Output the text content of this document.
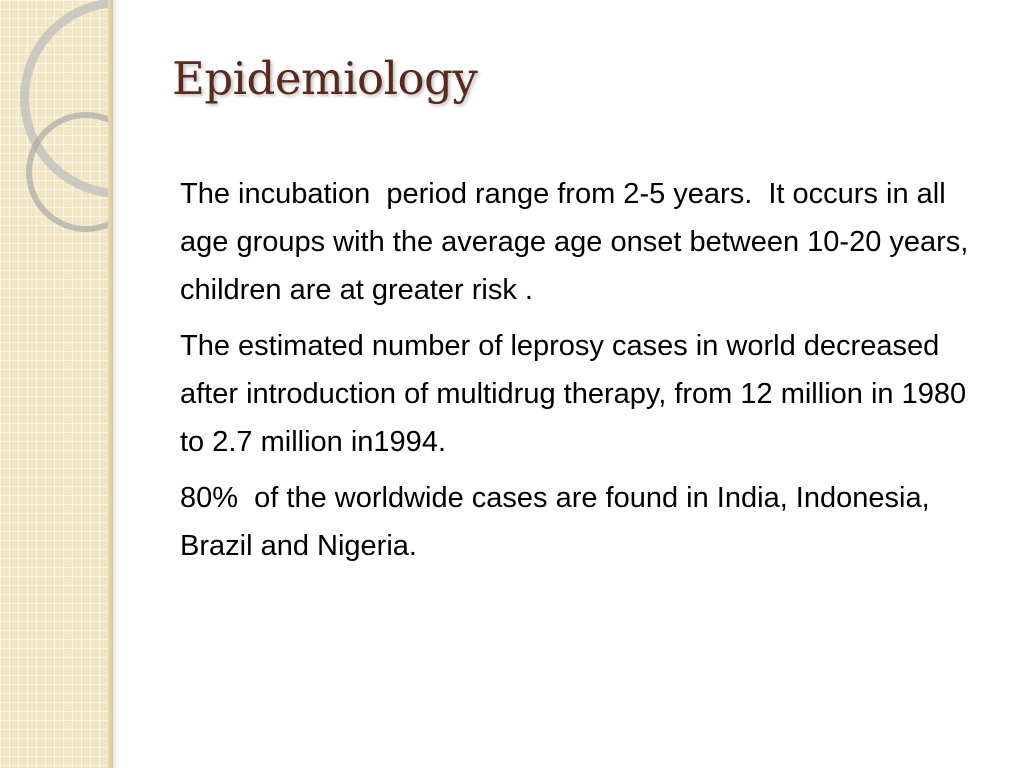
Epidemiology

The incubation  period range from 2-5 years.  It occurs in all age groups with the average age onset between 10-20 years, children are at greater risk .

The estimated number of leprosy cases in world decreased after introduction of multidrug therapy, from 12 million in 1980 to 2.7 million in1994.

80%  of the worldwide cases are found in India, Indonesia, Brazil and Nigeria.
